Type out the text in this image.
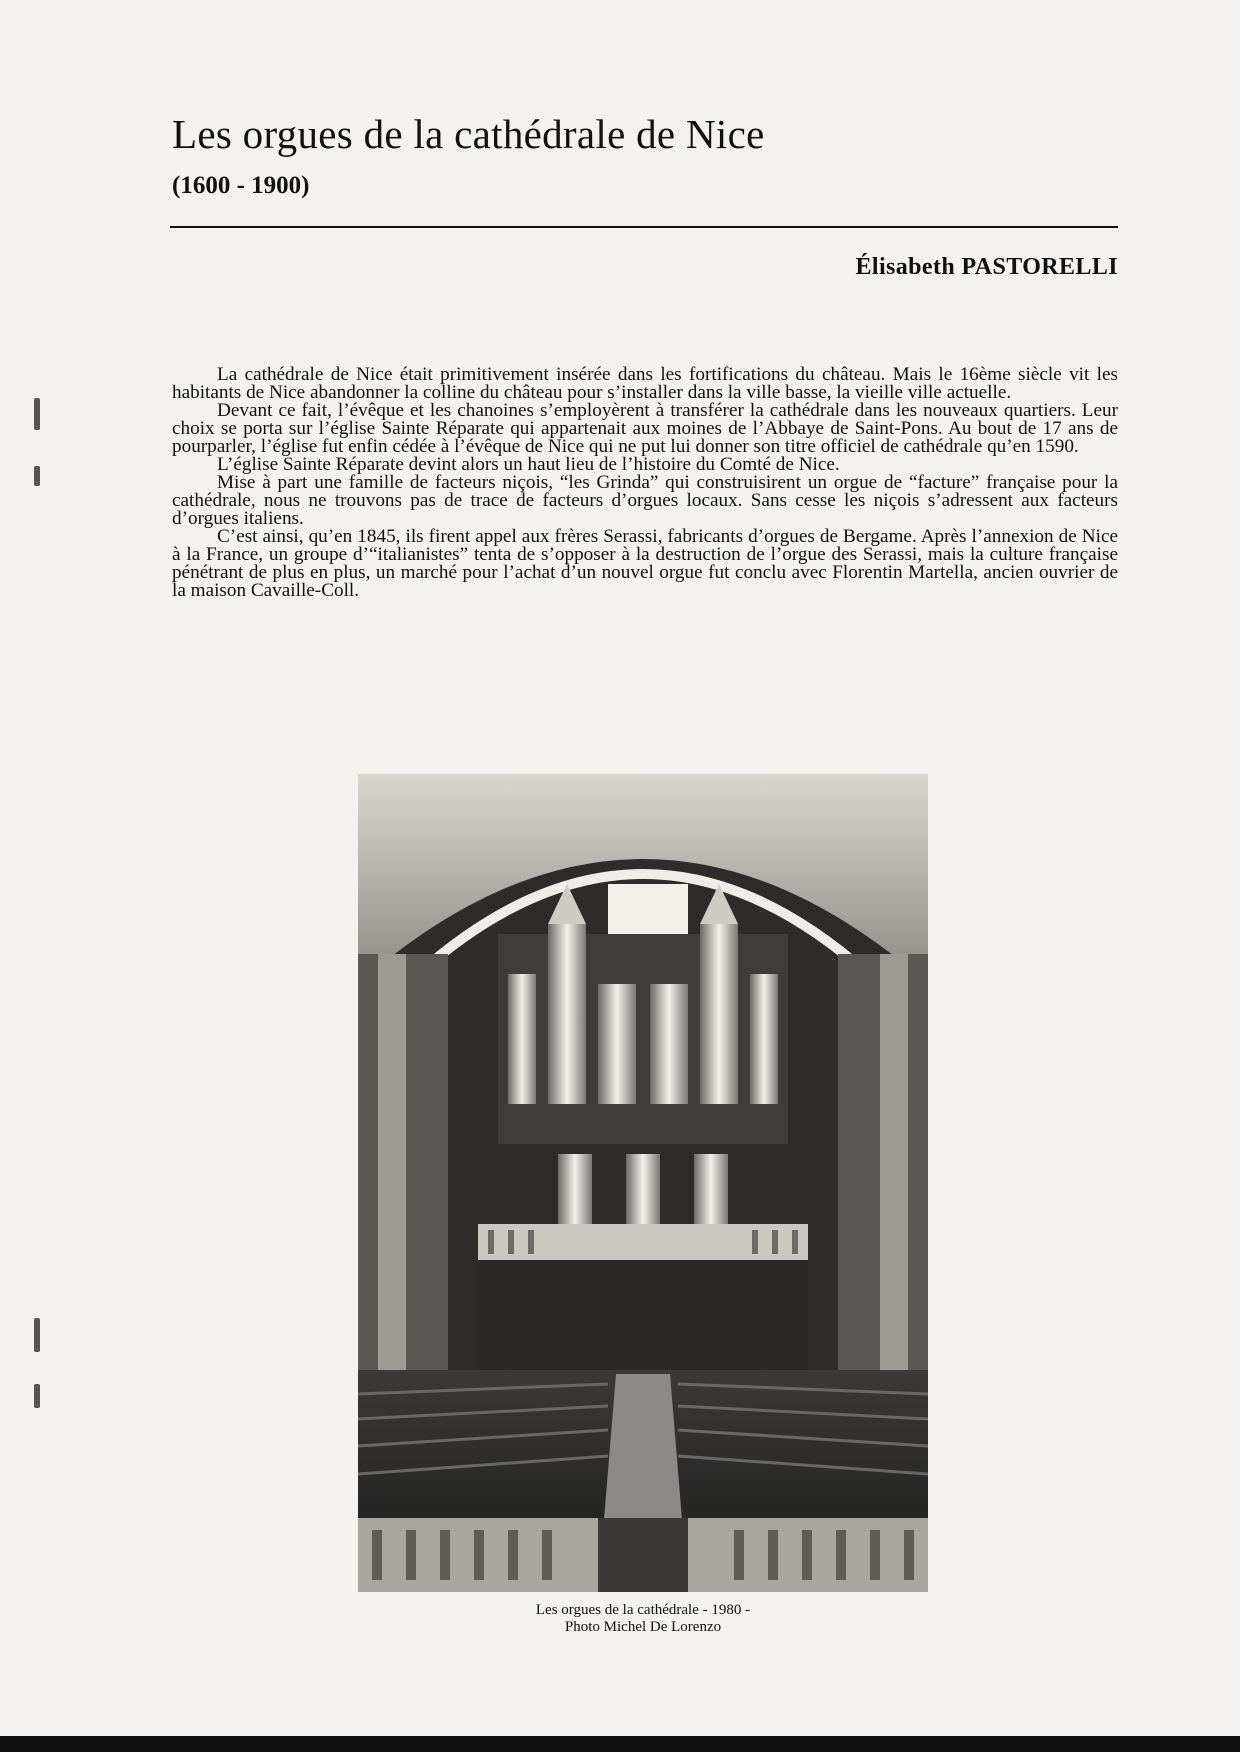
Les orgues de la cathédrale de Nice
(1600 - 1900)
Élisabeth PASTORELLI

La cathédrale de Nice était primitivement insérée dans les fortifications du château. Mais le 16ème siècle vit les habitants de Nice abandonner la colline du château pour s’installer dans la ville basse, la vieille ville actuelle.

Devant ce fait, l’évêque et les chanoines s’employèrent à transférer la cathédrale dans les nouveaux quartiers. Leur choix se porta sur l’église Sainte Réparate qui appartenait aux moines de l’Abbaye de Saint-Pons. Au bout de 17 ans de pourparler, l’église fut enfin cédée à l’évêque de Nice qui ne put lui donner son titre officiel de cathédrale qu’en 1590.

L’église Sainte Réparate devint alors un haut lieu de l’histoire du Comté de Nice.

Mise à part une famille de facteurs niçois, “les Grinda” qui construisirent un orgue de “facture” française pour la cathédrale, nous ne trouvons pas de trace de facteurs d’orgues locaux. Sans cesse les niçois s’adressent aux facteurs d’orgues italiens.

C’est ainsi, qu’en 1845, ils firent appel aux frères Serassi, fabricants d’orgues de Bergame. Après l’annexion de Nice à la France, un groupe d’“italianistes” tenta de s’opposer à la destruction de l’orgue des Serassi, mais la culture française pénétrant de plus en plus, un marché pour l’achat d’un nouvel orgue fut conclu avec Florentin Martella, ancien ouvrier de la maison Cavaille-Coll.

Les orgues de la cathédrale - 1980 -
Photo Michel De Lorenzo
